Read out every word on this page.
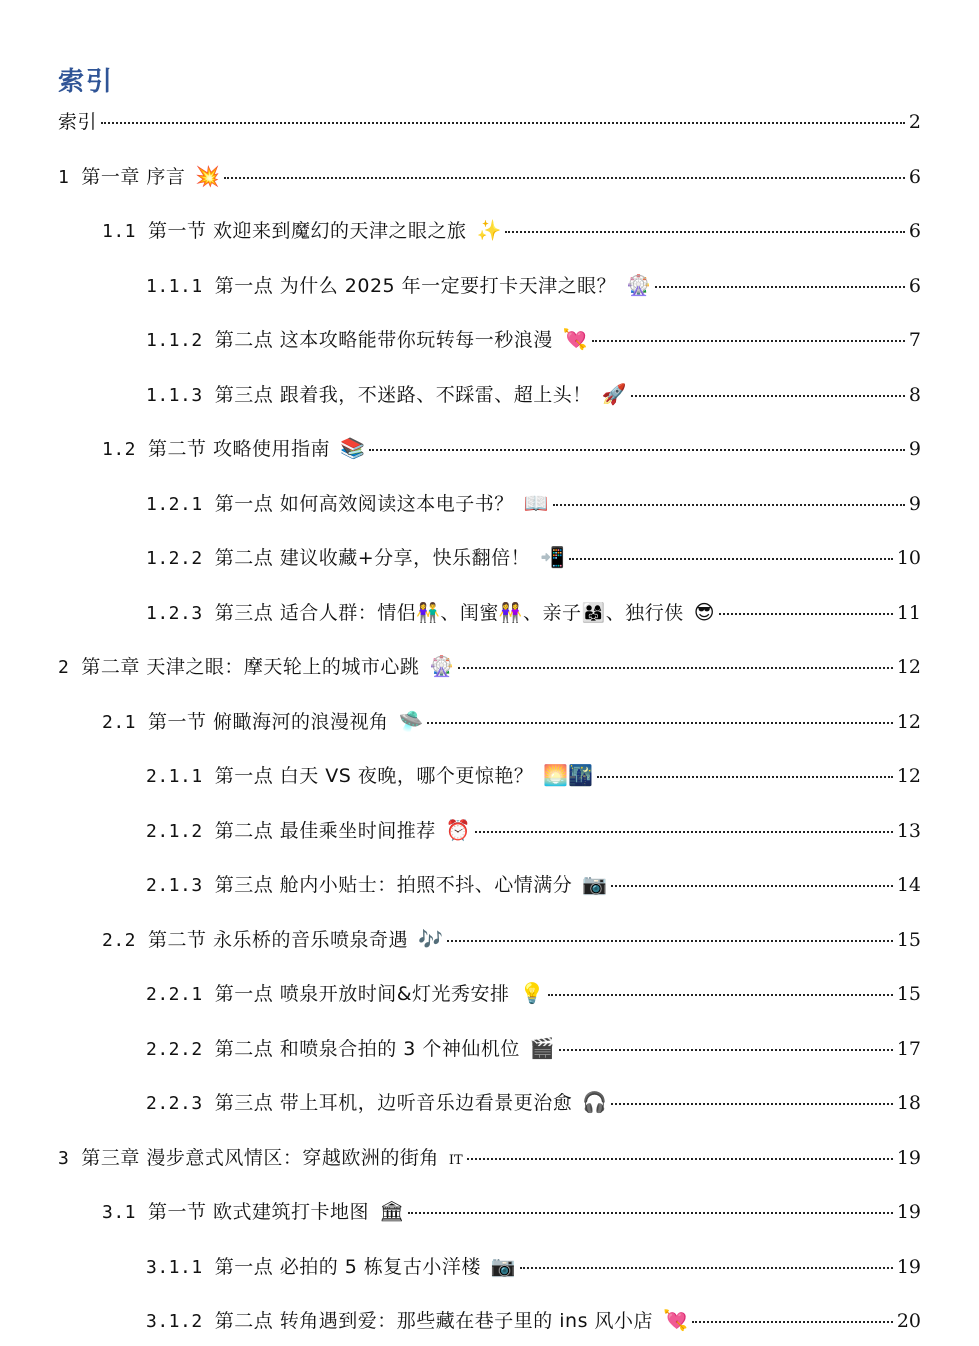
索引
索引	2
1 第一章 序言 💥	6
1.1 第一节 欢迎来到魔幻的天津之眼之旅 ✨	6
1.1.1 第一点 为什么 2025 年一定要打卡天津之眼？ 🎡	6
1.1.2 第二点 这本攻略能带你玩转每一秒浪漫 💘	7
1.1.3 第三点 跟着我，不迷路、不踩雷、超上头！ 🚀	8
1.2 第二节 攻略使用指南 📚	9
1.2.1 第一点 如何高效阅读这本电子书？ 📖	9
1.2.2 第二点 建议收藏+分享，快乐翻倍！ 📲	10
1.2.3 第三点 适合人群：情侣👫、闺蜜👭、亲子👨‍👩‍👧、独行侠 😎	11
2 第二章 天津之眼：摩天轮上的城市心跳 🎡	12
2.1 第一节 俯瞰海河的浪漫视角 🛸	12
2.1.1 第一点 白天 VS 夜晚，哪个更惊艳？ 🌅🌃	12
2.1.2 第二点 最佳乘坐时间推荐 ⏰	13
2.1.3 第三点 舱内小贴士：拍照不抖、心情满分 📷	14
2.2 第二节 永乐桥的音乐喷泉奇遇 🎶	15
2.2.1 第一点 喷泉开放时间&灯光秀安排 💡	15
2.2.2 第二点 和喷泉合拍的 3 个神仙机位 🎬	17
2.2.3 第三点 带上耳机，边听音乐边看景更治愈 🎧	18
3 第三章 漫步意式风情区：穿越欧洲的街角 IT	19
3.1 第一节 欧式建筑打卡地图 🏛	19
3.1.1 第一点 必拍的 5 栋复古小洋楼 📷	19
3.1.2 第二点 转角遇到爱：那些藏在巷子里的 ins 风小店 💘	20
